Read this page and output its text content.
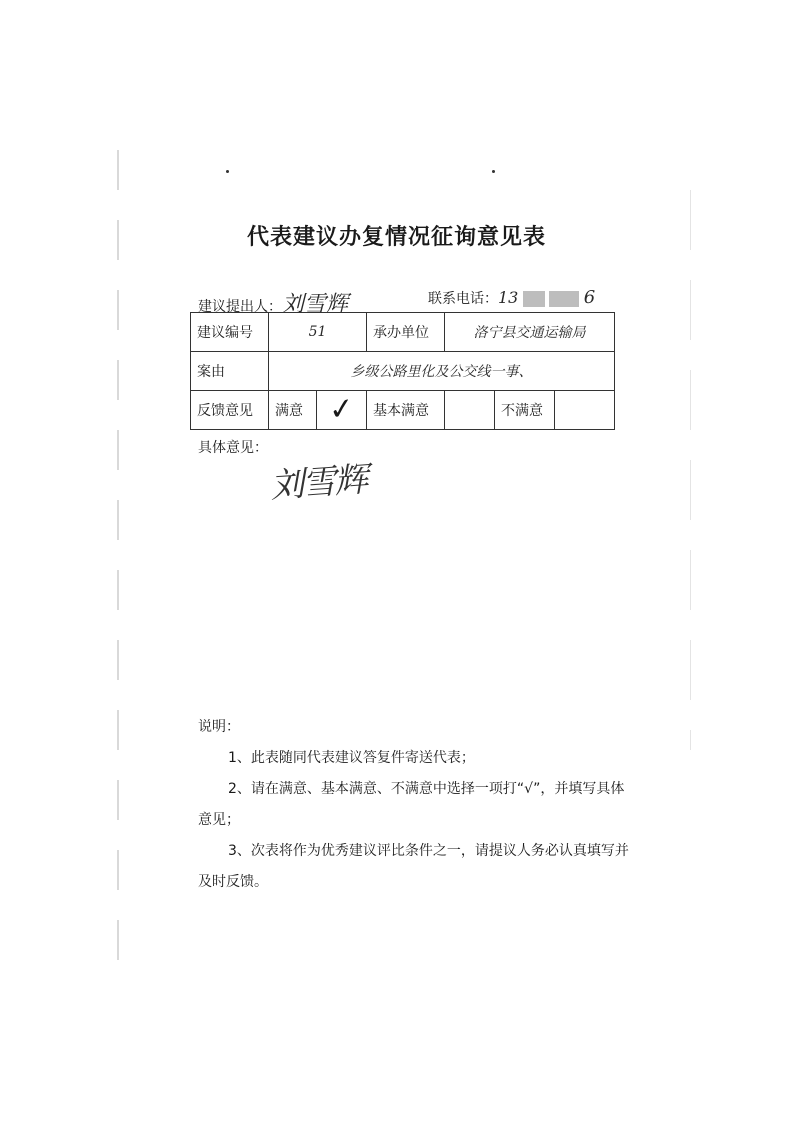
代表建议办复情况征询意见表
建议提出人：刘雪辉	联系电话：13	6
建议编号	51		承办单位	洛宁县交通运输局		
案由	乡级公路里化及公交线一事、					
反馈意见	满意	✓	基本满意		不满意	
具体意见：
刘雪辉

说明：

1、此表随同代表建议答复件寄送代表；

2、请在满意、基本满意、不满意中选择一项打“√”，并填写具体意见；

3、次表将作为优秀建议评比条件之一，请提议人务必认真填写并及时反馈。
